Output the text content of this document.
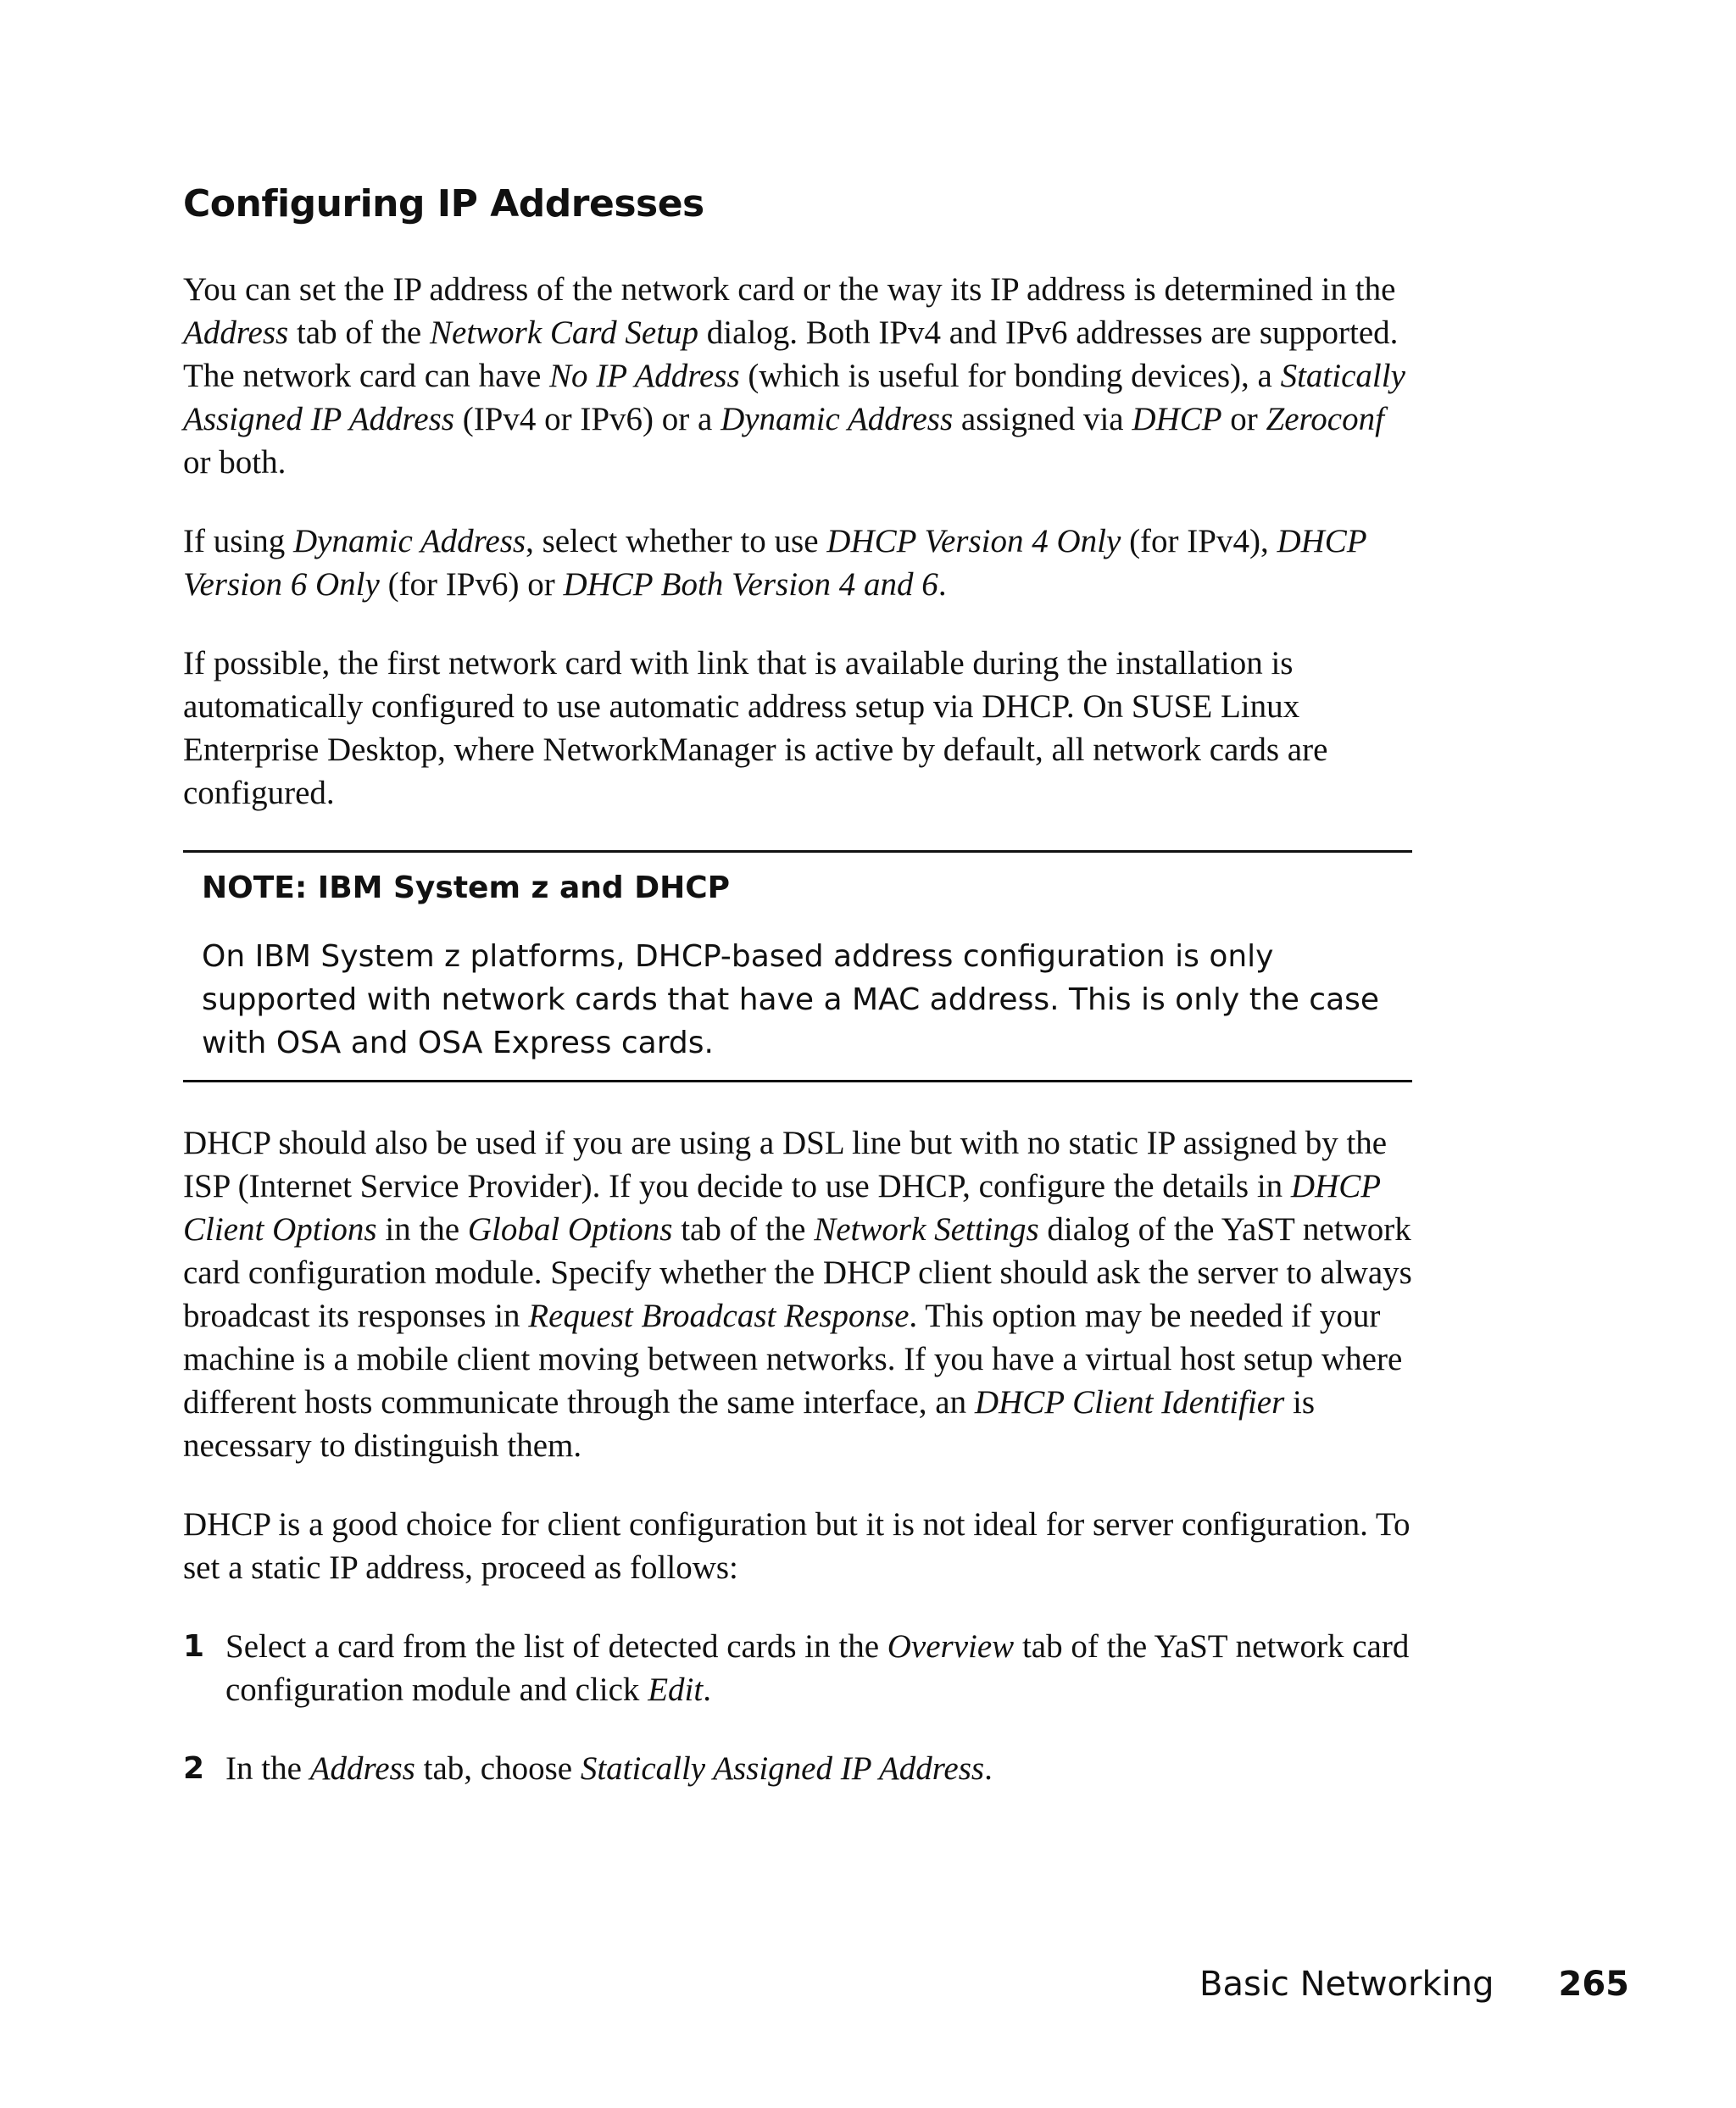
Configuring IP Addresses

You can set the IP address of the network card or the way its IP address is determined in the Address tab of the Network Card Setup dialog. Both IPv4 and IPv6 addresses are supported. The network card can have No IP Address (which is useful for bonding devices), a Statically Assigned IP Address (IPv4 or IPv6) or a Dynamic Address assigned via DHCP or Zeroconf or both.

If using Dynamic Address, select whether to use DHCP Version 4 Only (for IPv4), DHCP Version 6 Only (for IPv6) or DHCP Both Version 4 and 6.

If possible, the first network card with link that is available during the installation is automatically configured to use automatic address setup via DHCP. On SUSE Linux Enterprise Desktop, where NetworkManager is active by default, all network cards are configured.

NOTE: IBM System z and DHCP

On IBM System z platforms, DHCP-based address configuration is only supported with network cards that have a MAC address. This is only the case with OSA and OSA Express cards.

DHCP should also be used if you are using a DSL line but with no static IP assigned by the ISP (Internet Service Provider). If you decide to use DHCP, configure the details in DHCP Client Options in the Global Options tab of the Network Settings dialog of the YaST network card configuration module. Specify whether the DHCP client should ask the server to always broadcast its responses in Request Broadcast Response. This option may be needed if your machine is a mobile client moving between networks. If you have a virtual host setup where different hosts communicate through the same interface, an DHCP Client Identifier is necessary to distinguish them.

DHCP is a good choice for client configuration but it is not ideal for server configuration. To set a static IP address, proceed as follows:

1 Select a card from the list of detected cards in the Overview tab of the YaST network card configuration module and click Edit.
2 In the Address tab, choose Statically Assigned IP Address.
Basic Networking 265
